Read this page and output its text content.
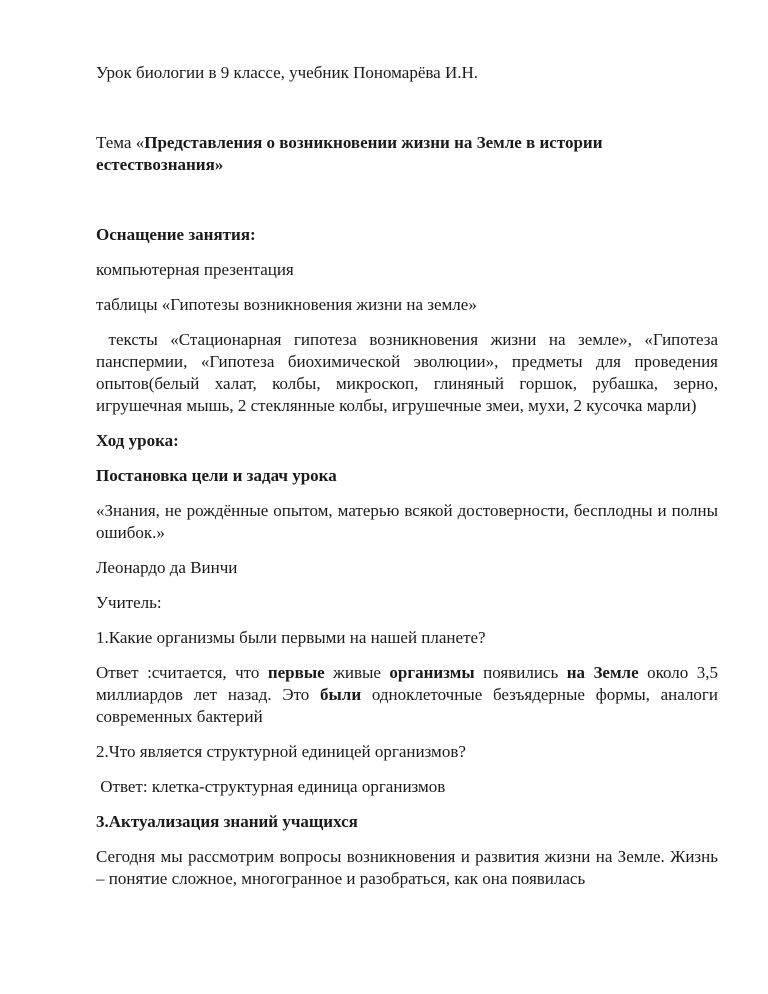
Урок биологии в 9 классе, учебник Пономарёва И.Н.

Тема «Представления о возникновении жизни на Земле в истории естествознания»

Оснащение занятия:

компьютерная презентация

таблицы «Гипотезы возникновения жизни на земле»

тексты «Стационарная гипотеза возникновения жизни на земле», «Гипотеза панспермии, «Гипотеза биохимической эволюции», предметы для проведения опытов(белый халат, колбы, микроскоп, глиняный горшок, рубашка, зерно, игрушечная мышь, 2 стеклянные колбы, игрушечные змеи, мухи, 2 кусочка марли)

Ход урока:

Постановка цели и задач урока

«Знания, не рождённые опытом, матерью всякой достоверности, бесплодны и полны ошибок.»

Леонардо да Винчи

Учитель:

1.Какие организмы были первыми на нашей планете?

Ответ :считается, что первые живые организмы появились на Земле около 3,5 миллиардов лет назад. Это были одноклеточные безъядерные формы, аналоги современных бактерий

2.Что является структурной единицей организмов?

Ответ: клетка-структурная единица организмов

3.Актуализация знаний учащихся

Сегодня мы рассмотрим вопросы возникновения и развития жизни на Земле. Жизнь – понятие сложное, многогранное и разобраться, как она появилась
